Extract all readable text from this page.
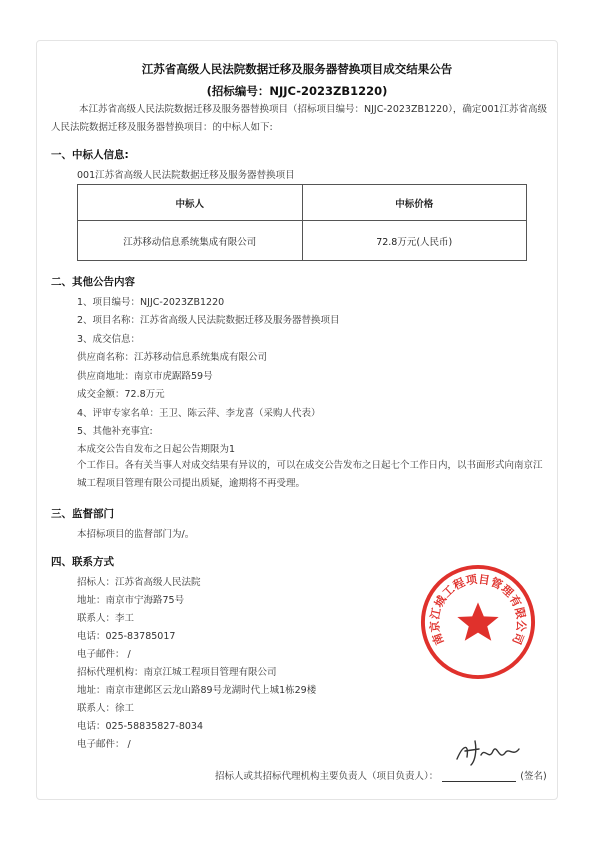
江苏省高级人民法院数据迁移及服务器替换项目成交结果公告
(招标编号：NJJC-2023ZB1220)
本江苏省高级人民法院数据迁移及服务器替换项目（招标项目编号：NJJC-2023ZB1220），确定001江苏省高级人民法院数据迁移及服务器替换项目：的中标人如下:
一、中标人信息:
001江苏省高级人民法院数据迁移及服务器替换项目
中标人	中标价格
江苏移动信息系统集成有限公司	72.8万元(人民币)
二、其他公告内容
1、项目编号：NJJC-2023ZB1220
2、项目名称：江苏省高级人民法院数据迁移及服务器替换项目
3、成交信息：
供应商名称：江苏移动信息系统集成有限公司
供应商地址：南京市虎踞路59号
成交金额：72.8万元
4、评审专家名单：王卫、陈云萍、李龙喜（采购人代表）
5、其他补充事宜:
本成交公告自发布之日起公告期限为1
个工作日。各有关当事人对成交结果有异议的，可以在成交公告发布之日起七个工作日内，以书面形式向南京江城工程项目管理有限公司提出质疑，逾期将不再受理。
三、监督部门
本招标项目的监督部门为/。
四、联系方式
招标人：江苏省高级人民法院
地址：南京市宁海路75号
联系人：李工
电话：025-83785017
电子邮件： /
招标代理机构：南京江城工程项目管理有限公司
地址：南京市建邺区云龙山路89号龙湖时代上城1栋29楼
联系人：徐工
电话：025-58835827-8034
电子邮件： /
南京江城工程项目管理有限公司
招标人或其招标代理机构主要负责人（项目负责人）：	(签名)
